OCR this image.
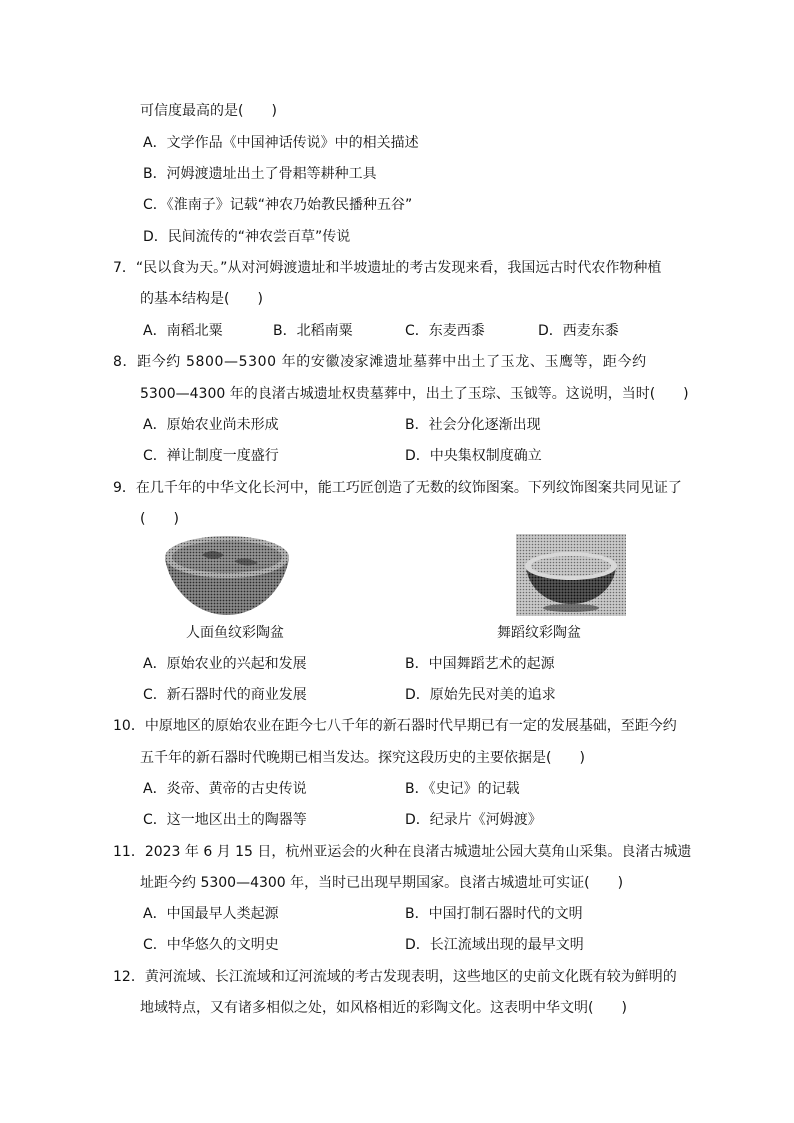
可信度最高的是(　　)
A．文学作品《中国神话传说》中的相关描述
B．河姆渡遗址出土了骨耜等耕种工具
C．《淮南子》记载“神农乃始教民播种五谷”
D．民间流传的“神农尝百草”传说
7．“民以食为天。”从对河姆渡遗址和半坡遗址的考古发现来看，我国远古时代农作物种植
的基本结构是(　　)
A．南稻北粟	B．北稻南粟	C．东麦西黍	D．西麦东黍
8．距今约 5800—5300 年的安徽凌家滩遗址墓葬中出土了玉龙、玉鹰等，距今约
5300—4300 年的良渚古城遗址权贵墓葬中，出土了玉琮、玉钺等。这说明，当时(　　)
A．原始农业尚未形成	B．社会分化逐渐出现
C．禅让制度一度盛行	D．中央集权制度确立
9．在几千年的中华文化长河中，能工巧匠创造了无数的纹饰图案。下列纹饰图案共同见证了
(　　)
人面鱼纹彩陶盆	舞蹈纹彩陶盆
A．原始农业的兴起和发展	B．中国舞蹈艺术的起源
C．新石器时代的商业发展	D．原始先民对美的追求
10．中原地区的原始农业在距今七八千年的新石器时代早期已有一定的发展基础，至距今约
五千年的新石器时代晚期已相当发达。探究这段历史的主要依据是(　　)
A．炎帝、黄帝的古史传说	B．《史记》的记载
C．这一地区出土的陶器等	D．纪录片《河姆渡》
11．2023 年 6 月 15 日，杭州亚运会的火种在良渚古城遗址公园大莫角山采集。良渚古城遗
址距今约 5300—4300 年，当时已出现早期国家。良渚古城遗址可实证(　　)
A．中国最早人类起源	B．中国打制石器时代的文明
C．中华悠久的文明史	D．长江流域出现的最早文明
12．黄河流域、长江流域和辽河流域的考古发现表明，这些地区的史前文化既有较为鲜明的
地域特点，又有诸多相似之处，如风格相近的彩陶文化。这表明中华文明(　　)
